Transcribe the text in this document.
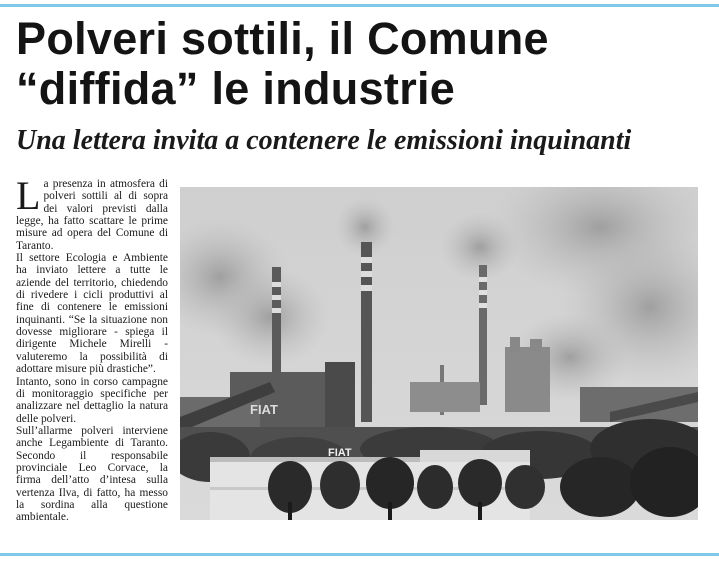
Polveri sottili, il Comune
“diffida” le industrie
Una lettera invita a contenere le emissioni inquinanti

La presenza in atmosfera di polveri sottili al di sopra dei valori previsti dalla legge, ha fatto scattare le prime misure ad opera del Comune di Taranto.

Il settore Ecologia e Ambiente ha inviato lettere a tutte le aziende del territorio, chiedendo di rivedere i cicli produttivi al fine di contenere le emissioni inquinanti. “Se la situazione non dovesse migliorare - spiega il dirigente Michele Mirelli - valuteremo la possibilità di adottare misure più drastiche”.

Intanto, sono in corso campagne di monitoraggio specifiche per analizzare nel dettaglio la natura delle polveri.

Sull’allarme polveri interviene anche Legambiente di Taranto. Secondo il responsabile provinciale Leo Corvace, la firma dell’atto d’intesa sulla vertenza Ilva, di fatto, ha messo la sordina alla questione ambientale.

FIAT
FIAT
